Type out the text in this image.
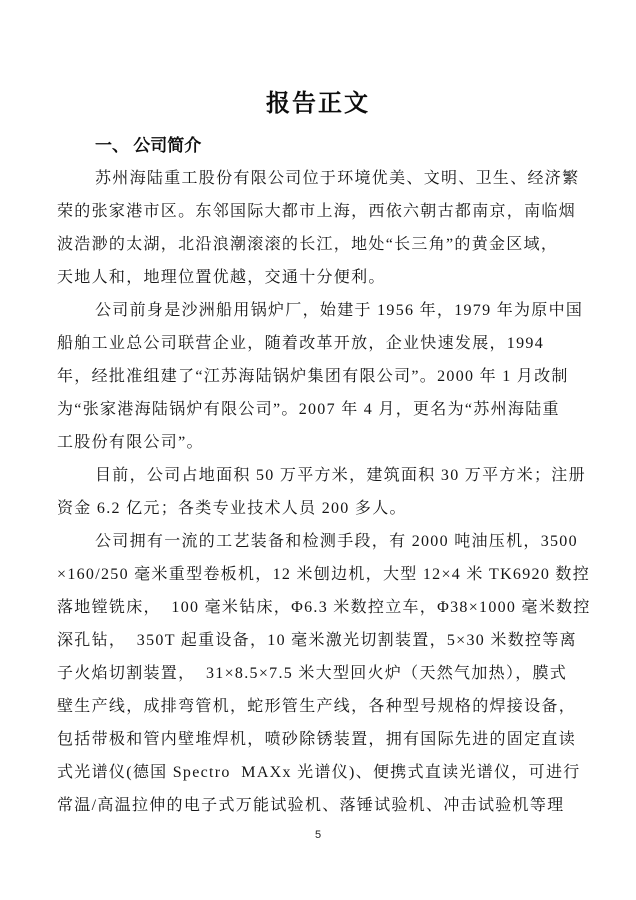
报告正文
一、 公司简介
苏州海陆重工股份有限公司位于环境优美、文明、卫生、经济繁
荣的张家港市区。东邻国际大都市上海，西依六朝古都南京，南临烟
波浩渺的太湖，北沿浪潮滚滚的长江，地处“长三角”的黄金区域，
天地人和，地理位置优越，交通十分便利。
公司前身是沙洲船用锅炉厂，始建于 1956 年，1979 年为原中国
船舶工业总公司联营企业，随着改革开放，企业快速发展，1994
年，经批准组建了“江苏海陆锅炉集团有限公司”。2000 年 1 月改制
为“张家港海陆锅炉有限公司”。2007 年 4 月，更名为“苏州海陆重
工股份有限公司”。
目前，公司占地面积 50 万平方米，建筑面积 30 万平方米；注册
资金 6.2 亿元；各类专业技术人员 200 多人。
公司拥有一流的工艺装备和检测手段，有 2000 吨油压机，3500
×160/250 毫米重型卷板机，12 米刨边机，大型 12×4 米 TK6920 数控
落地镗铣床，  100 毫米钻床，Φ6.3 米数控立车，Φ38×1000 毫米数控
深孔钻，  350T 起重设备，10 毫米激光切割装置，5×30 米数控等离
子火焰切割装置，  31×8.5×7.5 米大型回火炉（天然气加热），膜式
壁生产线，成排弯管机，蛇形管生产线，各种型号规格的焊接设备，
包括带极和管内壁堆焊机，喷砂除锈装置，拥有国际先进的固定直读
式光谱仪(德国 Spectro  MAXx 光谱仪)、便携式直读光谱仪，可进行
常温/高温拉伸的电子式万能试验机、落锤试验机、冲击试验机等理
5
